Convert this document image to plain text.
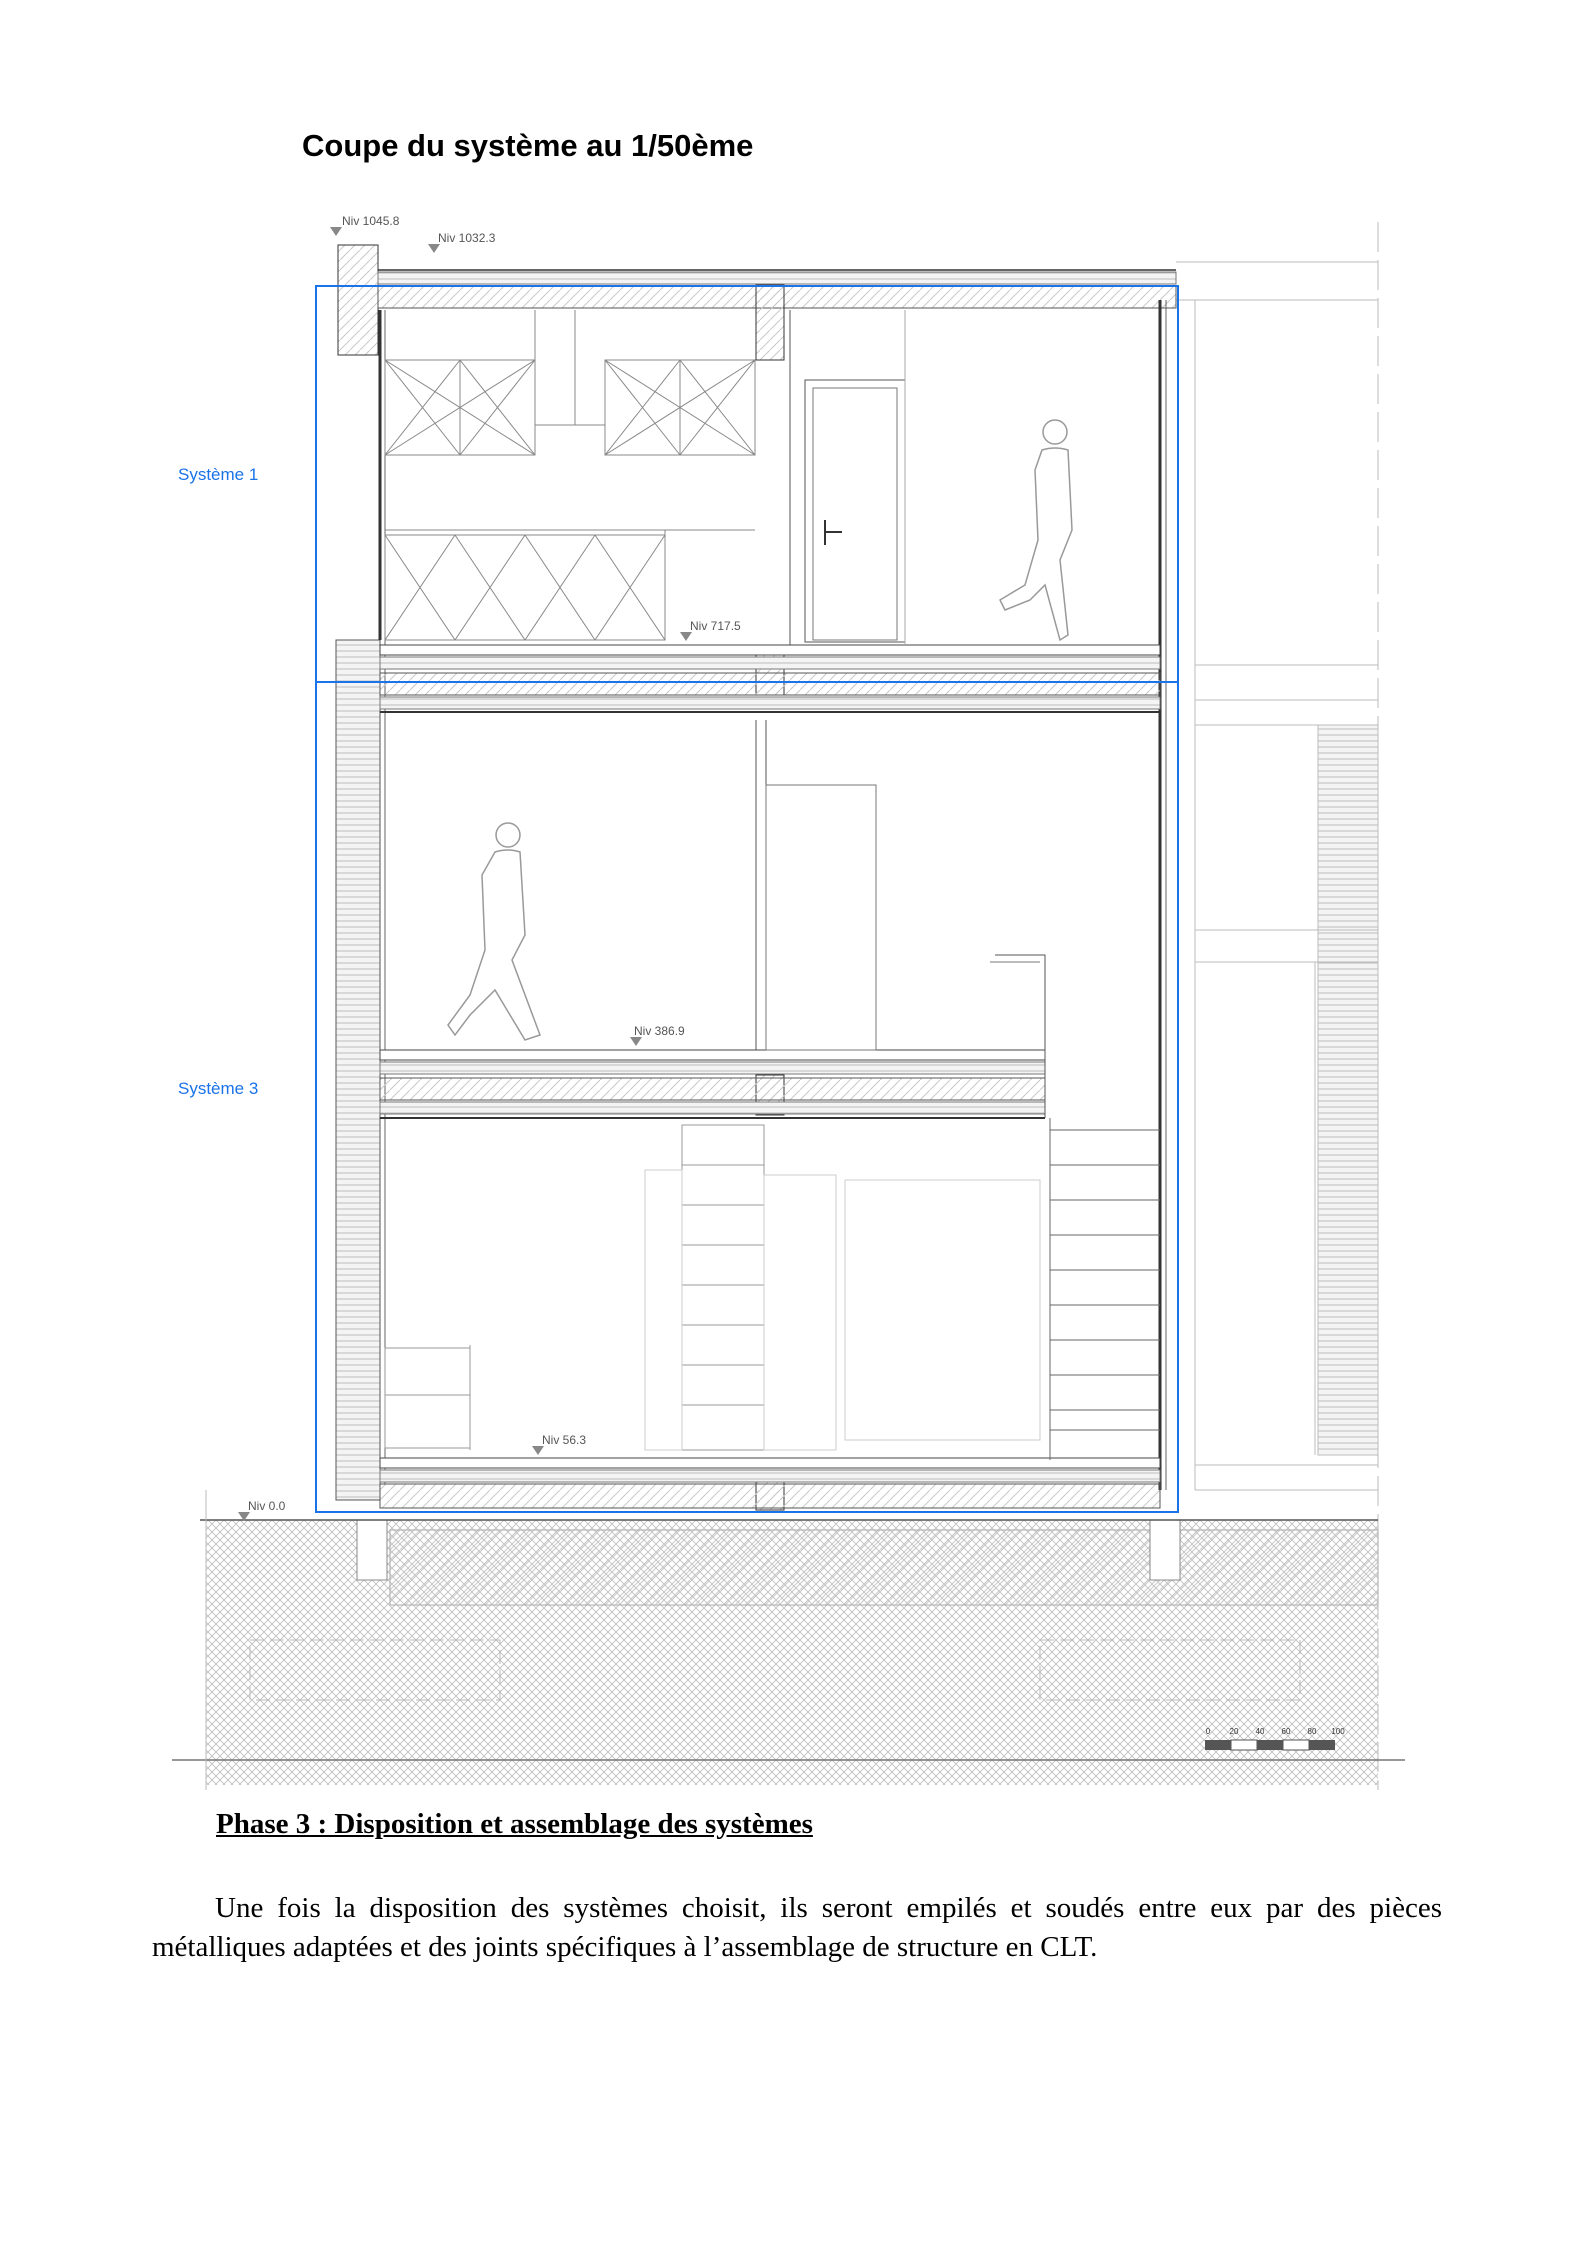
Coupe du système au 1/50ème
Système 1
Système 3
Niv 1045.8
Niv 1032.3
Niv 717.5
Niv 386.9
Niv 56.3
Niv 0.0
0 20 40 60 80 100
Phase 3 : Disposition et assemblage des systèmes

Une fois la disposition des systèmes choisit, ils seront empilés et soudés entre eux par des pièces métalliques adaptées et des joints spécifiques à l’assemblage de structure en CLT.
